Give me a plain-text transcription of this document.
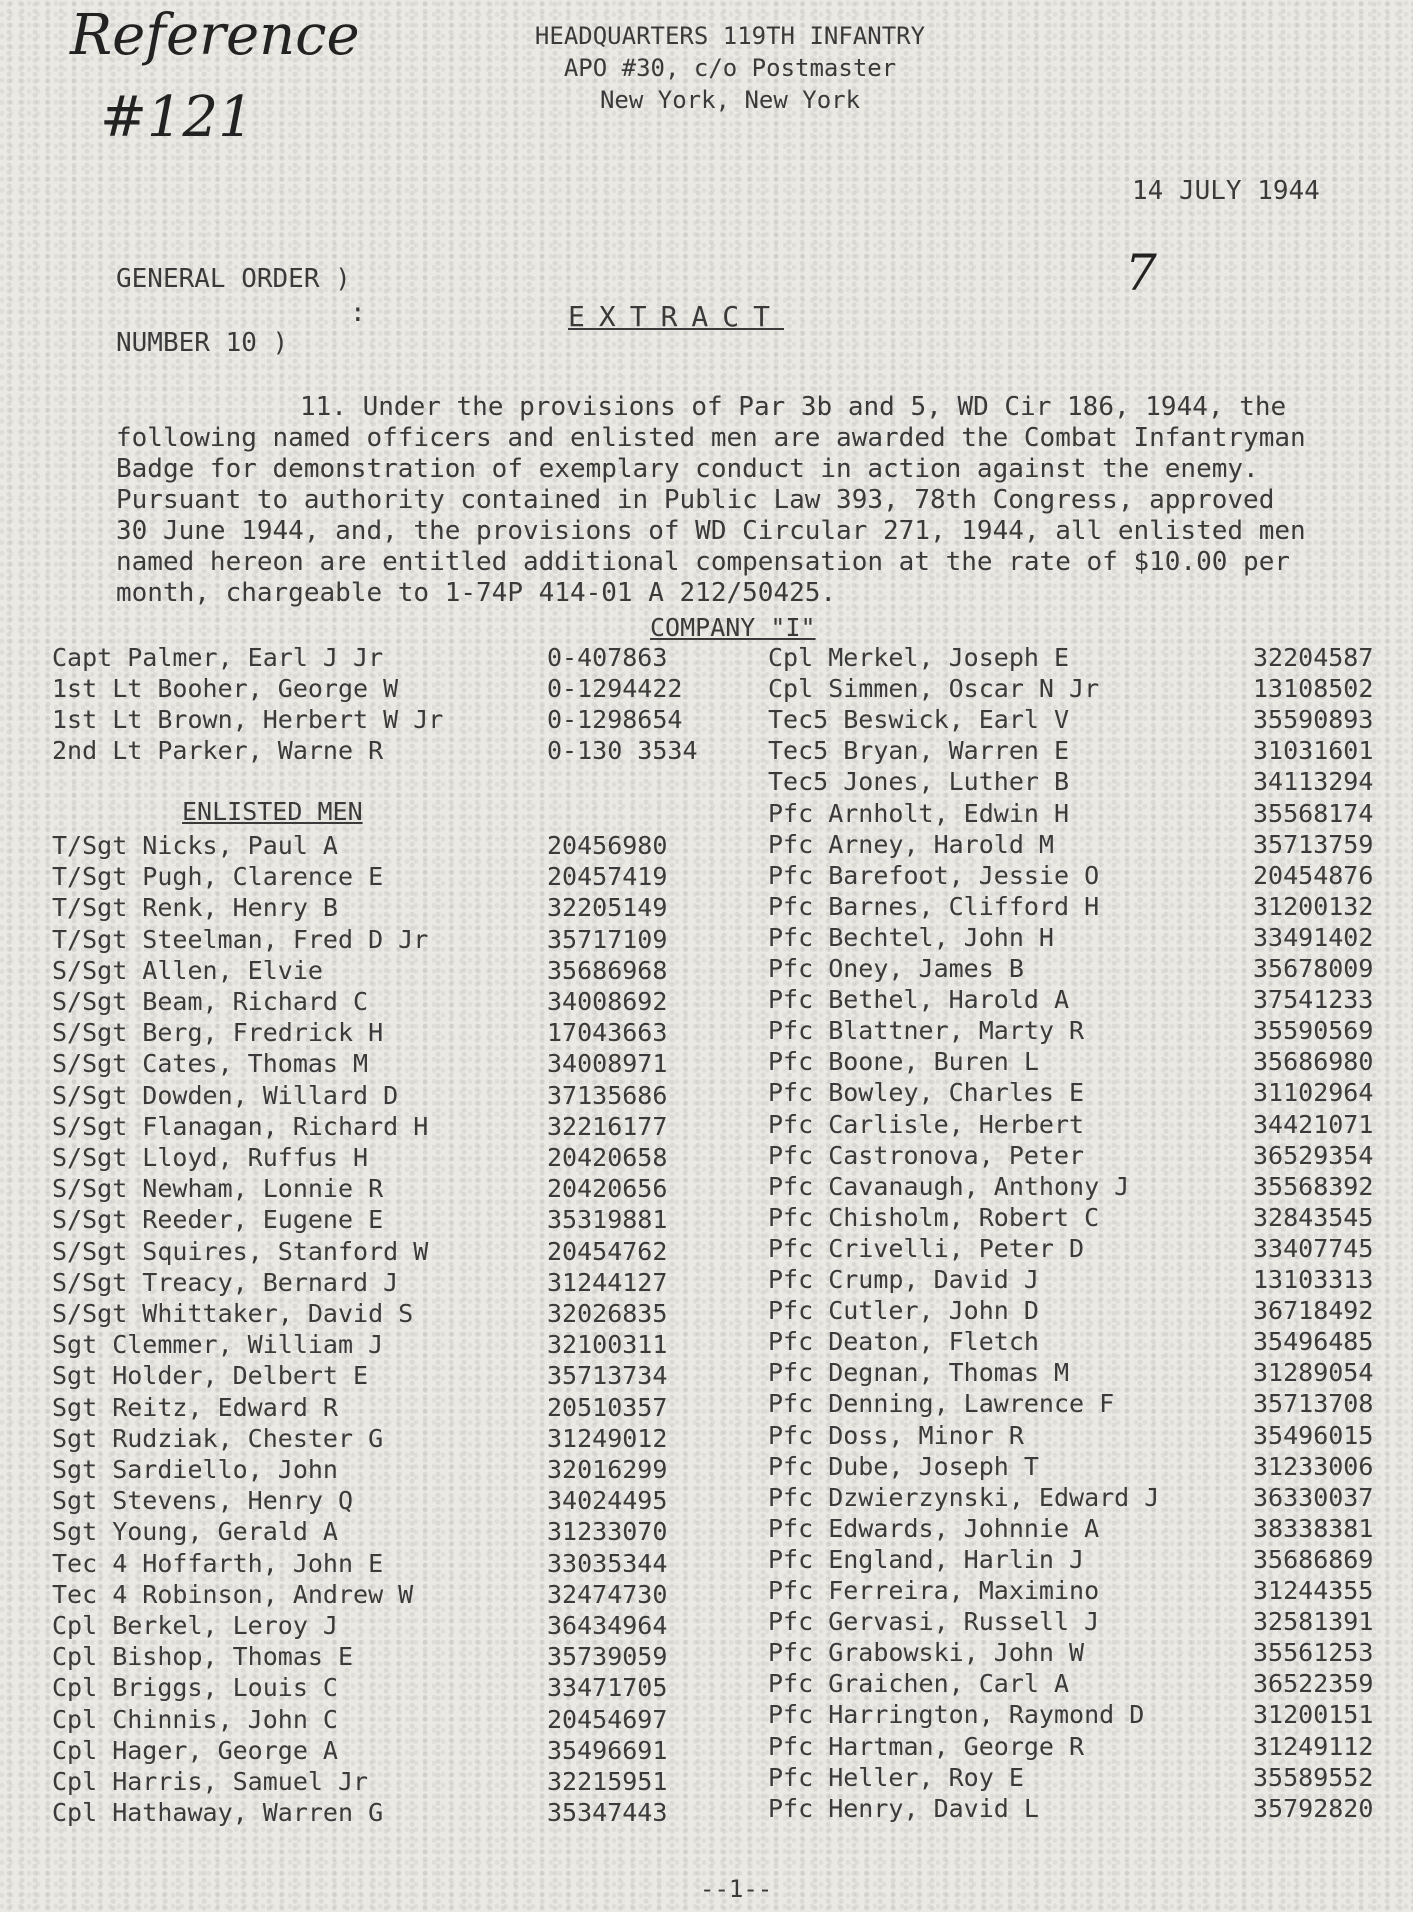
Reference
#121
7
HEADQUARTERS 119TH INFANTRY
APO #30, c/o Postmaster
New York, New York
14 JULY 1944
GENERAL ORDER )
:
NUMBER 10 )
EXTRACT
11. Under the provisions of Par 3b and 5, WD Cir 186, 1944, the
following named officers and enlisted men are awarded the Combat Infantryman
Badge for demonstration of exemplary conduct in action against the enemy.
Pursuant to authority contained in Public Law 393, 78th Congress, approved
30 June 1944, and, the provisions of WD Circular 271, 1944, all enlisted men
named hereon are entitled additional compensation at the rate of $10.00 per
month, chargeable to 1-74P 414-01 A 212/50425.
COMPANY "I"
Capt Palmer, Earl J Jr	0-407863
1st Lt Booher, George W	0-1294422
1st Lt Brown, Herbert W Jr	0-1298654
2nd Lt Parker, Warne R	0-130 3534
ENLISTED MEN
T/Sgt Nicks, Paul A	20456980
T/Sgt Pugh, Clarence E	20457419
T/Sgt Renk, Henry B	32205149
T/Sgt Steelman, Fred D Jr	35717109
S/Sgt Allen, Elvie	35686968
S/Sgt Beam, Richard C	34008692
S/Sgt Berg, Fredrick H	17043663
S/Sgt Cates, Thomas M	34008971
S/Sgt Dowden, Willard D	37135686
S/Sgt Flanagan, Richard H	32216177
S/Sgt Lloyd, Ruffus H	20420658
S/Sgt Newham, Lonnie R	20420656
S/Sgt Reeder, Eugene E	35319881
S/Sgt Squires, Stanford W	20454762
S/Sgt Treacy, Bernard J	31244127
S/Sgt Whittaker, David S	32026835
Sgt Clemmer, William J	32100311
Sgt Holder, Delbert E	35713734
Sgt Reitz, Edward R	20510357
Sgt Rudziak, Chester G	31249012
Sgt Sardiello, John	32016299
Sgt Stevens, Henry Q	34024495
Sgt Young, Gerald A	31233070
Tec 4 Hoffarth, John E	33035344
Tec 4 Robinson, Andrew W	32474730
Cpl Berkel, Leroy J	36434964
Cpl Bishop, Thomas E	35739059
Cpl Briggs, Louis C	33471705
Cpl Chinnis, John C	20454697
Cpl Hager, George A	35496691
Cpl Harris, Samuel Jr	32215951
Cpl Hathaway, Warren G	35347443
Cpl Merkel, Joseph E	32204587
Cpl Simmen, Oscar N Jr	13108502
Tec5 Beswick, Earl V	35590893
Tec5 Bryan, Warren E	31031601
Tec5 Jones, Luther B	34113294
Pfc Arnholt, Edwin H	35568174
Pfc Arney, Harold M	35713759
Pfc Barefoot, Jessie O	20454876
Pfc Barnes, Clifford H	31200132
Pfc Bechtel, John H	33491402
Pfc Oney, James B	35678009
Pfc Bethel, Harold A	37541233
Pfc Blattner, Marty R	35590569
Pfc Boone, Buren L	35686980
Pfc Bowley, Charles E	31102964
Pfc Carlisle, Herbert	34421071
Pfc Castronova, Peter	36529354
Pfc Cavanaugh, Anthony J	35568392
Pfc Chisholm, Robert C	32843545
Pfc Crivelli, Peter D	33407745
Pfc Crump, David J	13103313
Pfc Cutler, John D	36718492
Pfc Deaton, Fletch	35496485
Pfc Degnan, Thomas M	31289054
Pfc Denning, Lawrence F	35713708
Pfc Doss, Minor R	35496015
Pfc Dube, Joseph T	31233006
Pfc Dzwierzynski, Edward J	36330037
Pfc Edwards, Johnnie A	38338381
Pfc England, Harlin J	35686869
Pfc Ferreira, Maximino	31244355
Pfc Gervasi, Russell J	32581391
Pfc Grabowski, John W	35561253
Pfc Graichen, Carl A	36522359
Pfc Harrington, Raymond D	31200151
Pfc Hartman, George R	31249112
Pfc Heller, Roy E	35589552
Pfc Henry, David L	35792820
--1--
